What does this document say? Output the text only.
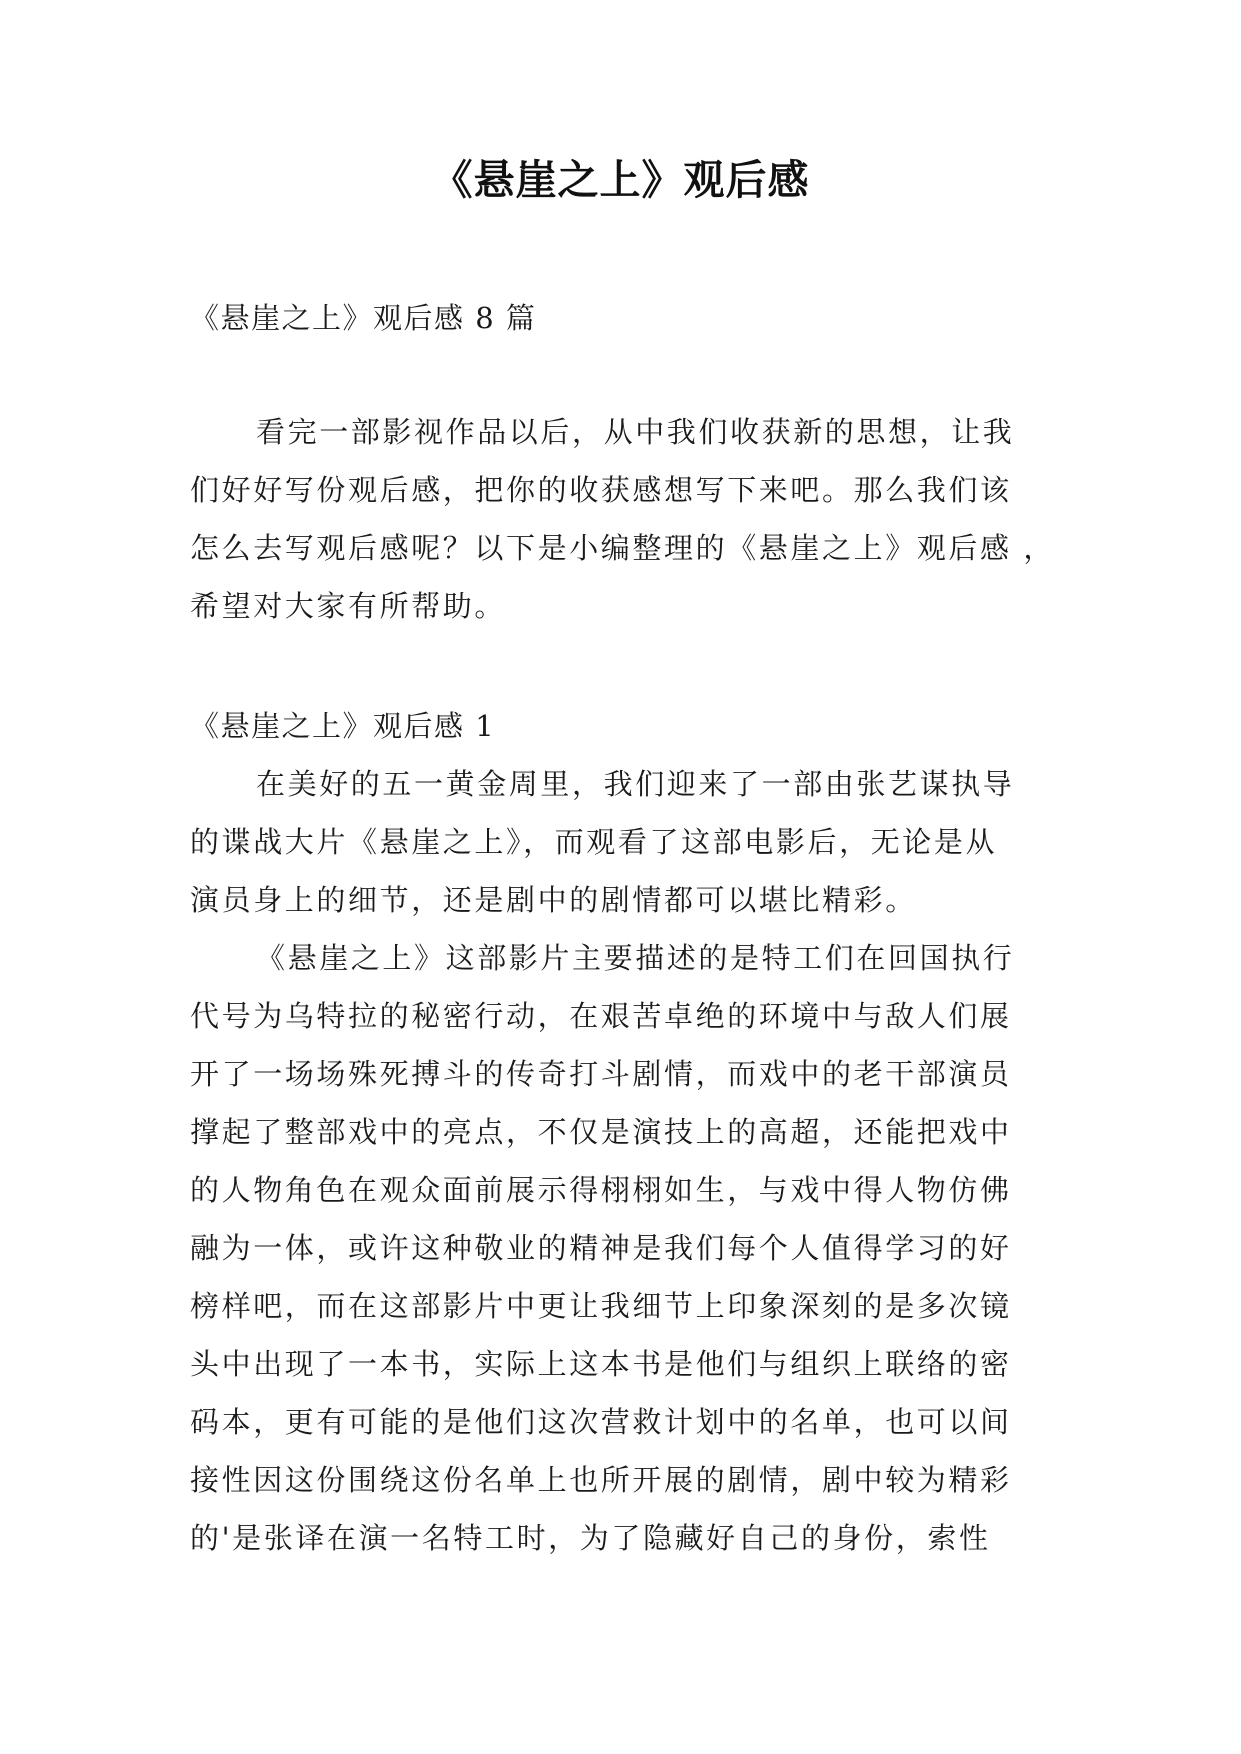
《悬崖之上》观后感
《悬崖之上》观后感 8 篇
看完一部影视作品以后，从中我们收获新的思想，让我
们好好写份观后感，把你的收获感想写下来吧。那么我们该
怎么去写观后感呢？以下是小编整理的《悬崖之上》观后感 ，
希望对大家有所帮助。
《悬崖之上》观后感 1
在美好的五一黄金周里，我们迎来了一部由张艺谋执导
的谍战大片《悬崖之上》，而观看了这部电影后，无论是从
演员身上的细节，还是剧中的剧情都可以堪比精彩。
《悬崖之上》这部影片主要描述的是特工们在回国执行
代号为乌特拉的秘密行动，在艰苦卓绝的环境中与敌人们展
开了一场场殊死搏斗的传奇打斗剧情，而戏中的老干部演员
撑起了整部戏中的亮点，不仅是演技上的高超，还能把戏中
的人物角色在观众面前展示得栩栩如生，与戏中得人物仿佛
融为一体，或许这种敬业的精神是我们每个人值得学习的好
榜样吧，而在这部影片中更让我细节上印象深刻的是多次镜
头中出现了一本书，实际上这本书是他们与组织上联络的密
码本，更有可能的是他们这次营救计划中的名单，也可以间
接性因这份围绕这份名单上也所开展的剧情，剧中较为精彩
的'是张译在演一名特工时，为了隐藏好自己的身份，索性
